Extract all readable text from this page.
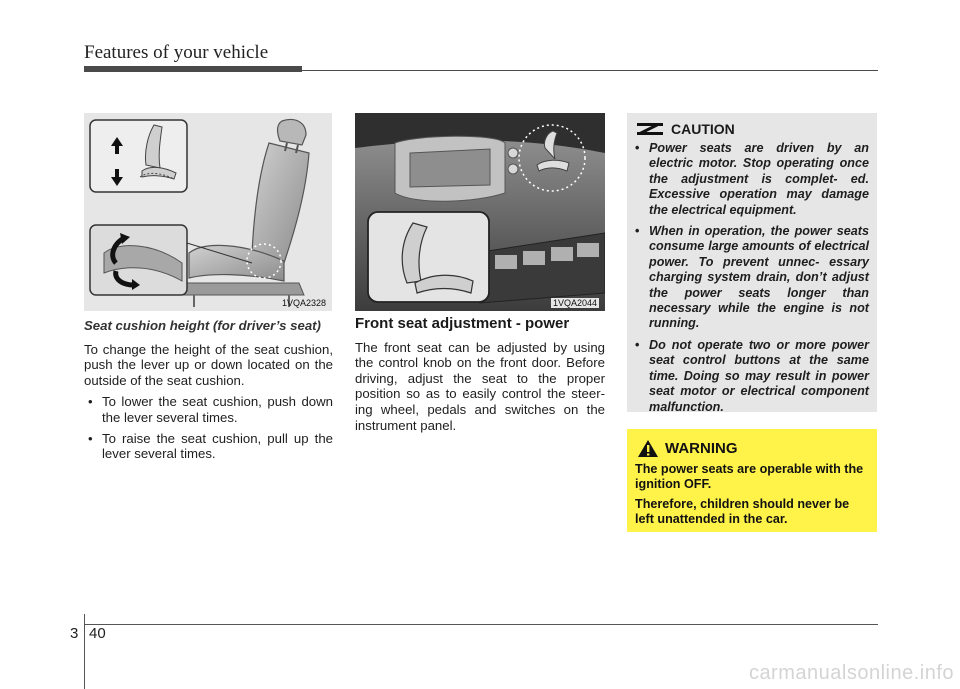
Features of your vehicle
1VQA2328	1VQA2044
Seat cushion height (for driver’s seat)

To change the height of the seat cushion, push the lever up or down located on the outside of the seat cushion.

• To lower the seat cushion, push down the lever several times.
• To raise the seat cushion, pull up the lever several times.
Front seat adjustment - power

The front seat can be adjusted by using the control knob on the front door. Before driving, adjust the seat to the proper position so as to easily control the steer- ing wheel, pedals and switches on the instrument panel.

CAUTION
• Power seats are driven by an electric motor. Stop operating once the adjustment is complet- ed. Excessive operation may damage the electrical equipment.
• When in operation, the power seats consume large amounts of electrical power. To prevent unnec- essary charging system drain, don’t adjust the power seats longer than necessary while the engine is not running.
• Do not operate two or more power seat control buttons at the same time. Doing so may result in power seat motor or electrical component malfunction.
WARNING

The power seats are operable with the ignition OFF.

Therefore, children should never be left unattended in the car.

3 40
carmanualsonline.info
